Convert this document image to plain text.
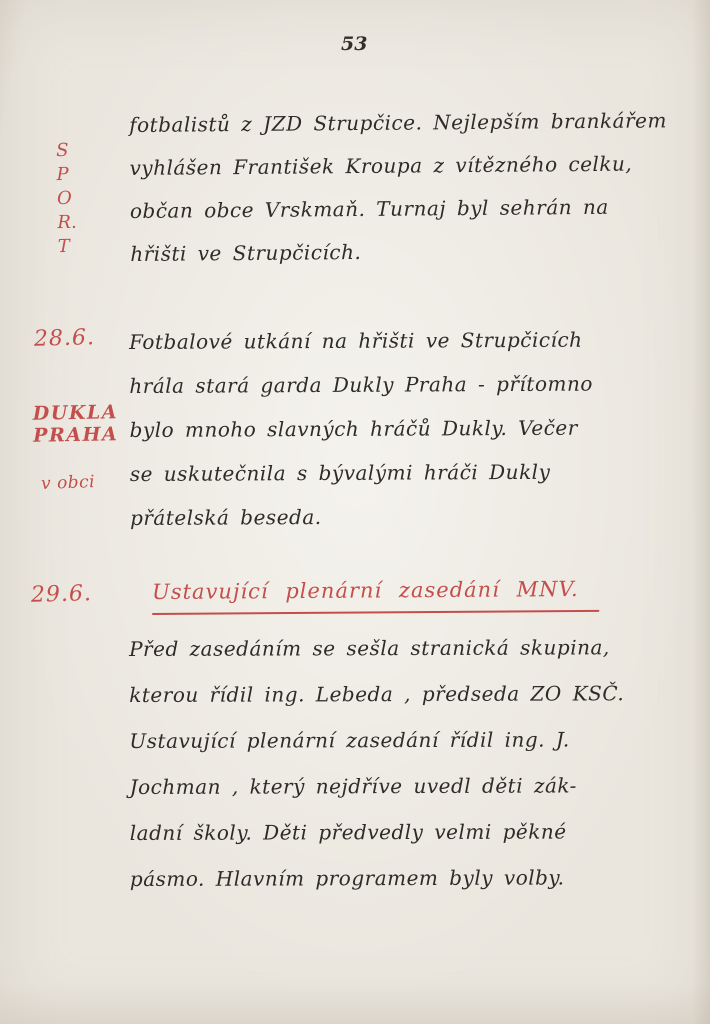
53
S
P
O
R.
T

fotbalistů z JZD Strupčice. Nejlepším brankářem

vyhlášen František Kroupa z vítězného celku,

občan obce Vrskmaň. Turnaj byl sehrán na

hřišti ve Strupčicích.

28.6.
DUKLA
PRAHA
v obci

Fotbalové utkání na hřišti ve Strupčicích

hrála stará garda Dukly Praha - přítomno

bylo mnoho slavných hráčů Dukly. Večer

se uskutečnila s bývalými hráči Dukly

přátelská beseda.

29.6.	Ustavující plenární zasedání MNV.

Před zasedáním se sešla stranická skupina,

kterou řídil ing. Lebeda , předseda ZO KSČ.

Ustavující plenární zasedání řídil ing. J.

Jochman , který nejdříve uvedl děti zák-

ladní školy. Děti předvedly velmi pěkné

pásmo. Hlavním programem byly volby.
